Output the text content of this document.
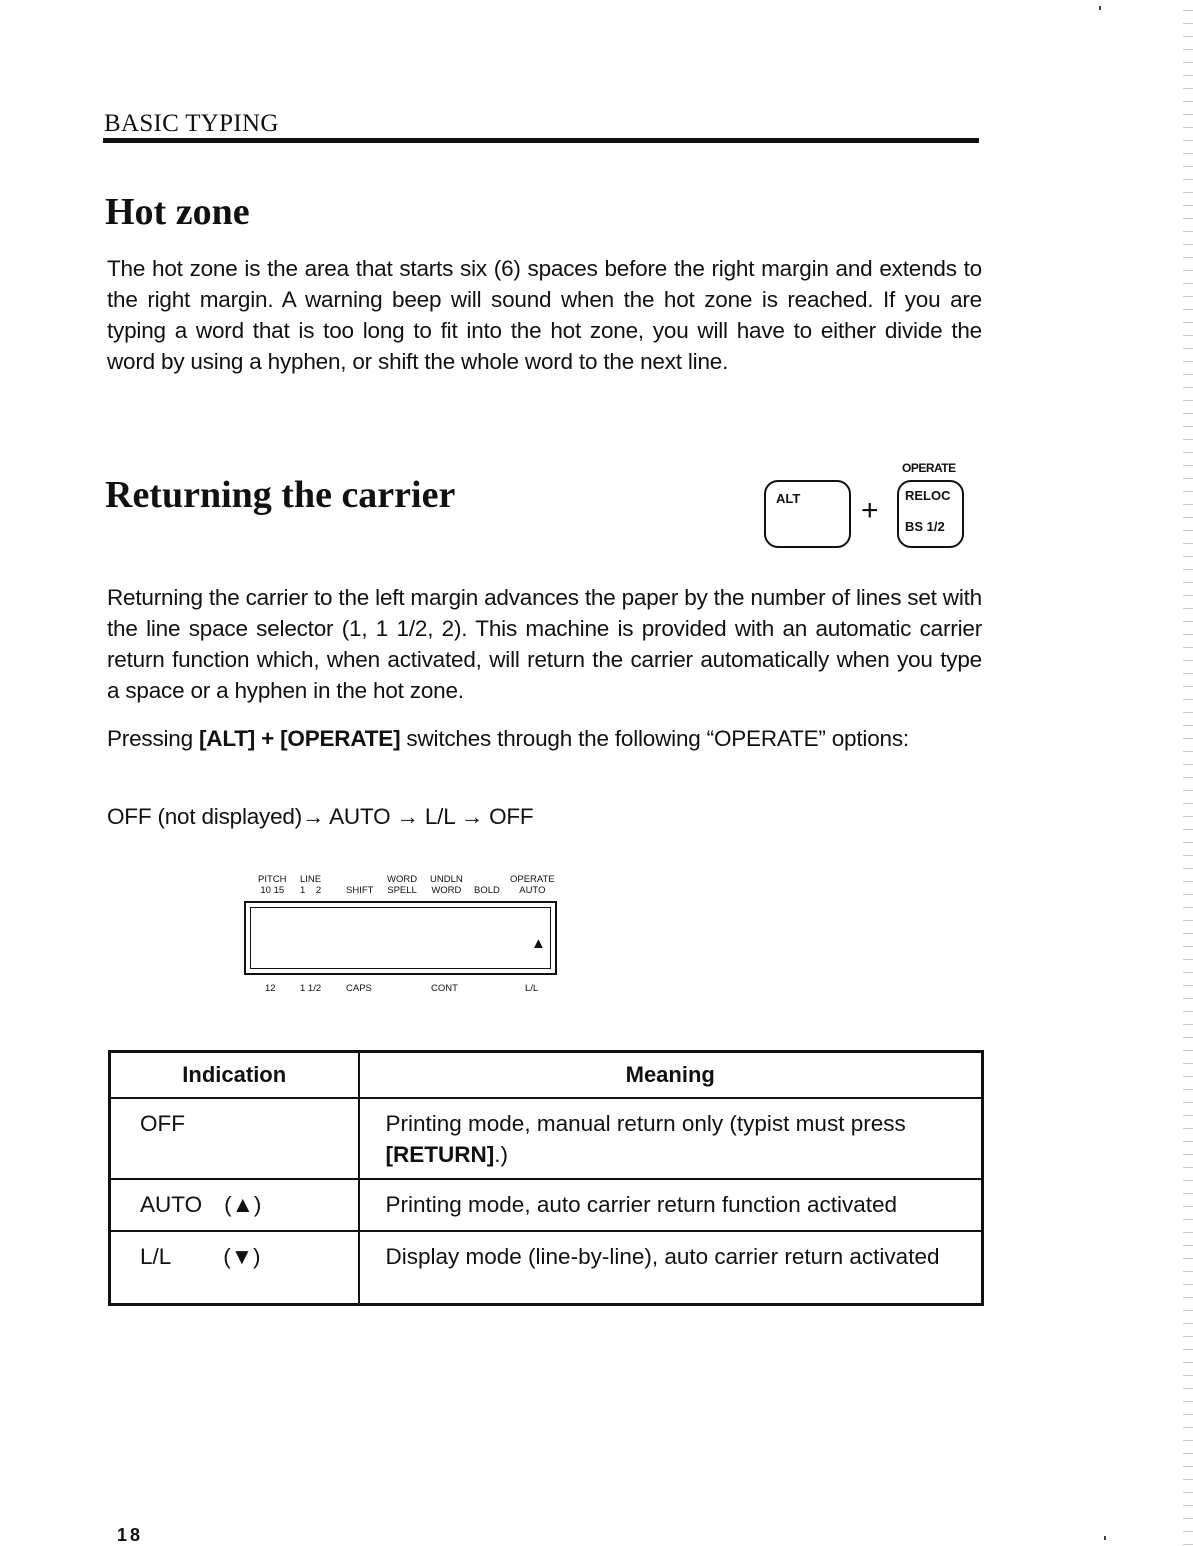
BASIC TYPING
Hot zone

The hot zone is the area that starts six (6) spaces before the right margin and extends to the right margin. A warning beep will sound when the hot zone is reached. If you are typing a word that is too long to fit into the hot zone, you will have to either divide the word by using a hyphen, or shift the whole word to the next line.

Returning the carrier	ALT	+
OPERATE
RELOC
BS 1/2

Returning the carrier to the left margin advances the paper by the number of lines set with the line space selector (1, 1 1/2, 2). This machine is provided with an automatic carrier return function which, when activated, will return the carrier automatically when you type a space or a hyphen in the hot zone.

Pressing [ALT] + [OPERATE] switches through the following “OPERATE” options:

OFF (not displayed)→ AUTO → L/L → OFF

PITCH
10 15
LINE
1    2
	SHIFT
WORD
SPELL
UNDLN
WORD
BOLD
OPERATE
AUTO
▲
12	1 1/2	CAPS	CONT	L/L
Indication	Meaning
OFF	Printing mode, manual return only (typist must press [RETURN].)
AUTO (▲)	Printing mode, auto carrier return function activated
L/L (▼)	Display mode (line-by-line), auto carrier return activated
18
